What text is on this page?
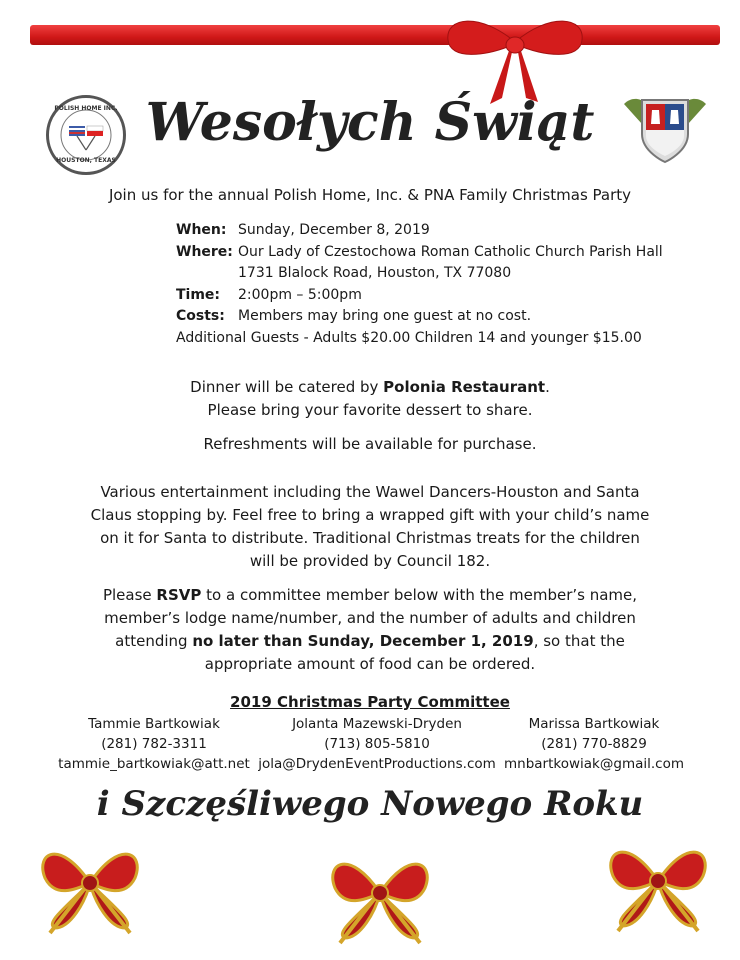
POLISH HOME INC.
HOUSTON, TEXAS
Wesołych Świąt
Join us for the annual Polish Home, Inc. & PNA Family Christmas Party
When: Sunday, December 8, 2019
Where: Our Lady of Czestochowa Roman Catholic Church Parish Hall
1731 Blalock Road, Houston, TX 77080
Time: 2:00pm – 5:00pm
Costs: Members may bring one guest at no cost.
Additional Guests - Adults $20.00 Children 14 and younger $15.00
Dinner will be catered by Polonia Restaurant.
Please bring your favorite dessert to share.
Refreshments will be available for purchase.
Various entertainment including the Wawel Dancers-Houston and Santa Claus stopping by. Feel free to bring a wrapped gift with your child’s name on it for Santa to distribute. Traditional Christmas treats for the children will be provided by Council 182.
Please RSVP to a committee member below with the member’s name, member’s lodge name/number, and the number of adults and children attending no later than Sunday, December 1, 2019, so that the appropriate amount of food can be ordered.
2019 Christmas Party Committee
Tammie Bartkowiak
(281) 782-3311
tammie_bartkowiak@att.net
Jolanta Mazewski-Dryden
(713) 805-5810
jola@DrydenEventProductions.com
Marissa Bartkowiak
(281) 770-8829
mnbartkowiak@gmail.com
i Szczęśliwego Nowego Roku
